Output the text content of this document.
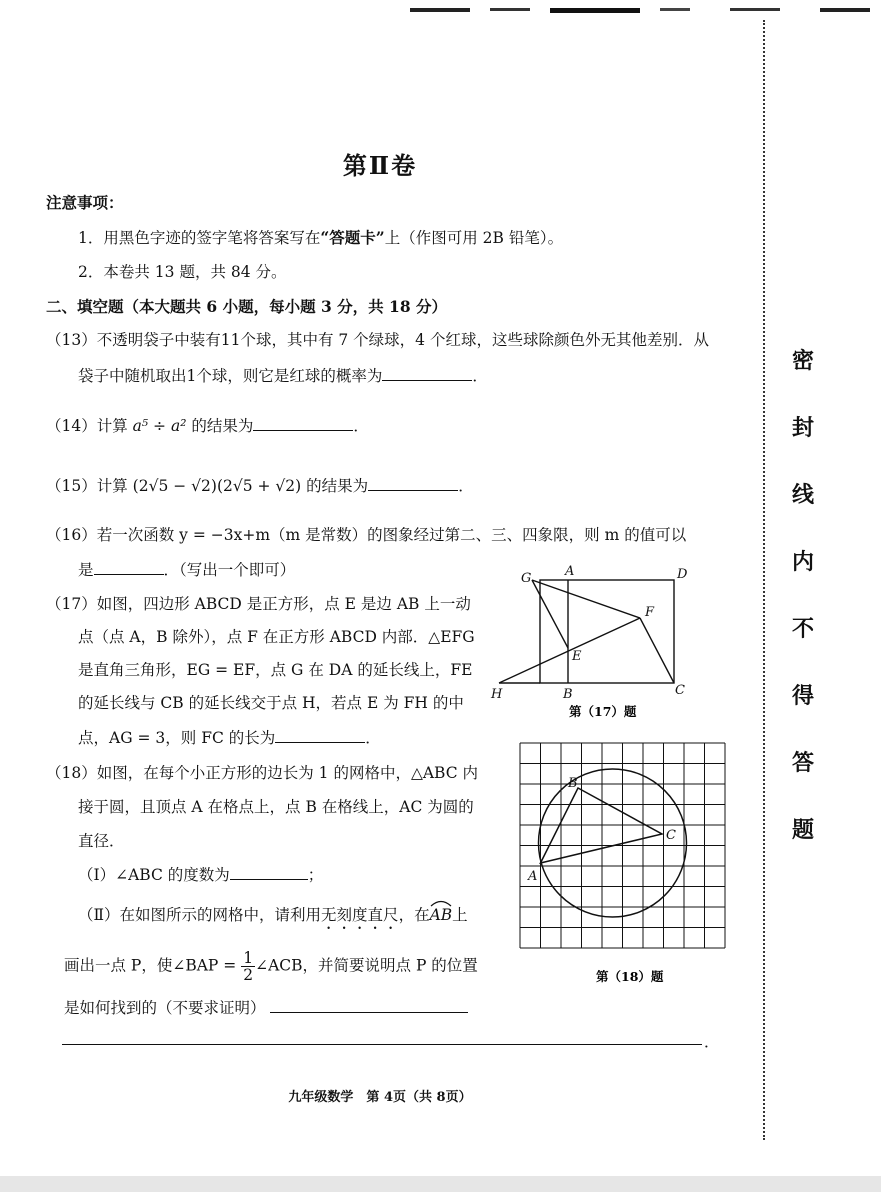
第Ⅱ卷
注意事项：
1．用黑色字迹的签字笔将答案写在“答题卡”上（作图可用 2B 铅笔）。
2．本卷共 13 题，共 84 分。
二、填空题（本大题共 6 小题，每小题 3 分，共 18 分）
（13）不透明袋子中装有11个球，其中有 7 个绿球，4 个红球，这些球除颜色外无其他差别．从
袋子中随机取出1个球，则它是红球的概率为	．
（14）计算 a⁵ ÷ a² 的结果为	．
（15）计算 (2√5 − √2)(2√5 + √2) 的结果为	．
（16）若一次函数 y = −3x+m（m 是常数）的图象经过第二、三、四象限，则 m 的值可以
是	．（写出一个即可）
（17）如图，四边形 ABCD 是正方形，点 E 是边 AB 上一动
点（点 A，B 除外），点 F 在正方形 ABCD 内部．△EFG
是直角三角形，EG = EF，点 G 在 DA 的延长线上，FE
的延长线与 CB 的延长线交于点 H，若点 E 为 FH 的中
点，AG = 3，则 FC 的长为	．
G	A	D
F
E
H	B	C
第（17）题
（18）如图，在每个小正方形的边长为 1 的网格中，△ABC 内
接于圆，且顶点 A 在格点上，点 B 在格线上，AC 为圆的
直径．
（Ⅰ）∠ABC 的度数为	；
（Ⅱ）在如图所示的网格中，请利用无刻度直尺，在AB
上
画出一点 P，使∠BAP = $\frac{1}{2}$ ∠ACB，并简要说明点 P 的位置
是如何找到的（不要求证明）
．
A
B
C
第（18）题
密
封
线
内
不
得
答
题
九年级数学　第 4页（共 8页）
